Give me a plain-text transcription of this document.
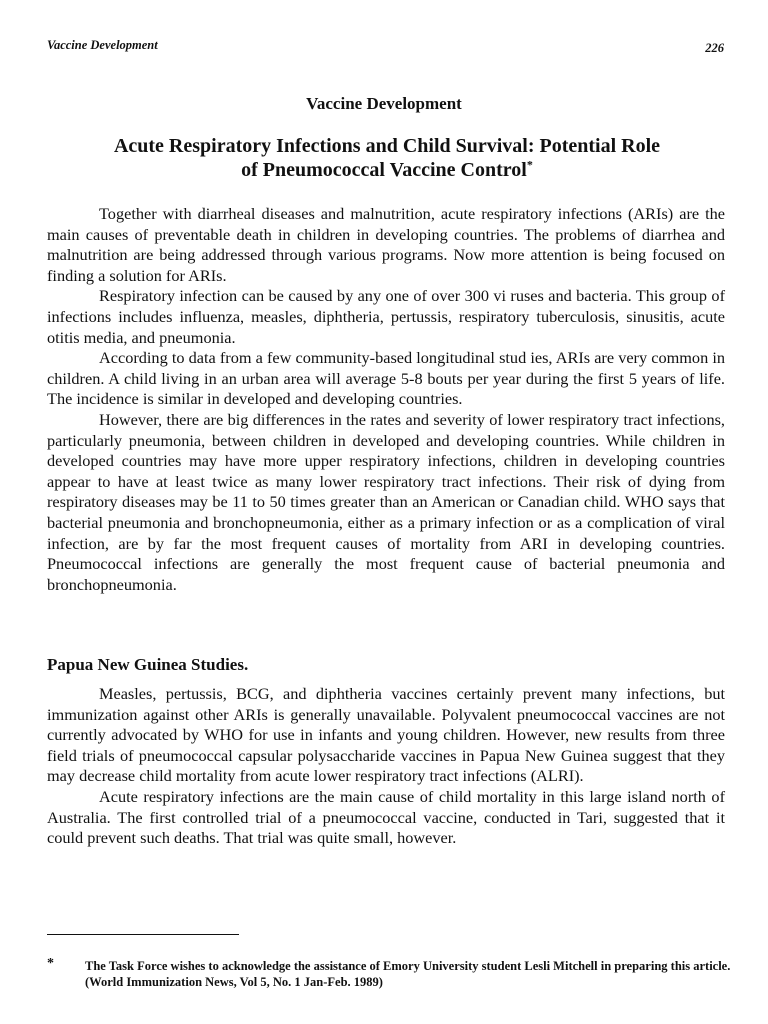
Vaccine Development	226
Vaccine Development
Acute Respiratory Infections and Child Survival: Potential Role
of Pneumococcal Vaccine Control*

Together with diarrheal diseases and malnutrition, acute respiratory infections (ARIs) are the main causes of preventable death in children in developing countries. The problems of diarrhea and malnutrition are being addressed through various programs. Now more attention is being focused on finding a solution for ARIs.

Respiratory infection can be caused by any one of over 300 vi ruses and bacteria. This group of infections includes influenza, measles, diphtheria, pertussis, respiratory tuberculosis, sinusitis, acute otitis media, and pneumonia.

According to data from a few community-based longitudinal stud ies, ARIs are very common in children. A child living in an urban area will average 5-8 bouts per year during the first 5 years of life. The incidence is similar in developed and developing countries.

However, there are big differences in the rates and severity of lower respiratory tract infections, particularly pneumonia, between children in developed and developing countries. While children in developed countries may have more upper respiratory infections, children in developing countries appear to have at least twice as many lower respiratory tract infections. Their risk of dying from respiratory diseases may be 11 to 50 times greater than an American or Canadian child. WHO says that bacterial pneumonia and bronchopneumonia, either as a primary infection or as a complication of viral infection, are by far the most frequent causes of mortality from ARI in developing countries. Pneumococcal infections are generally the most frequent cause of bacterial pneumonia and bronchopneumonia.

Papua New Guinea Studies.

Measles, pertussis, BCG, and diphtheria vaccines certainly prevent many infections, but immunization against other ARIs is generally unavailable. Polyvalent pneumococcal vaccines are not currently advocated by WHO for use in infants and young children. However, new results from three field trials of pneumococcal capsular polysaccharide vaccines in Papua New Guinea suggest that they may decrease child mortality from acute lower respiratory tract infections (ALRI).

Acute respiratory infections are the main cause of child mortality in this large island north of Australia. The first controlled trial of a pneumococcal vaccine, conducted in Tari, suggested that it could prevent such deaths. That trial was quite small, however.

* The Task Force wishes to acknowledge the assistance of Emory University student Lesli Mitchell in preparing this article. (World Immunization News, Vol 5, No. 1 Jan-Feb. 1989)
